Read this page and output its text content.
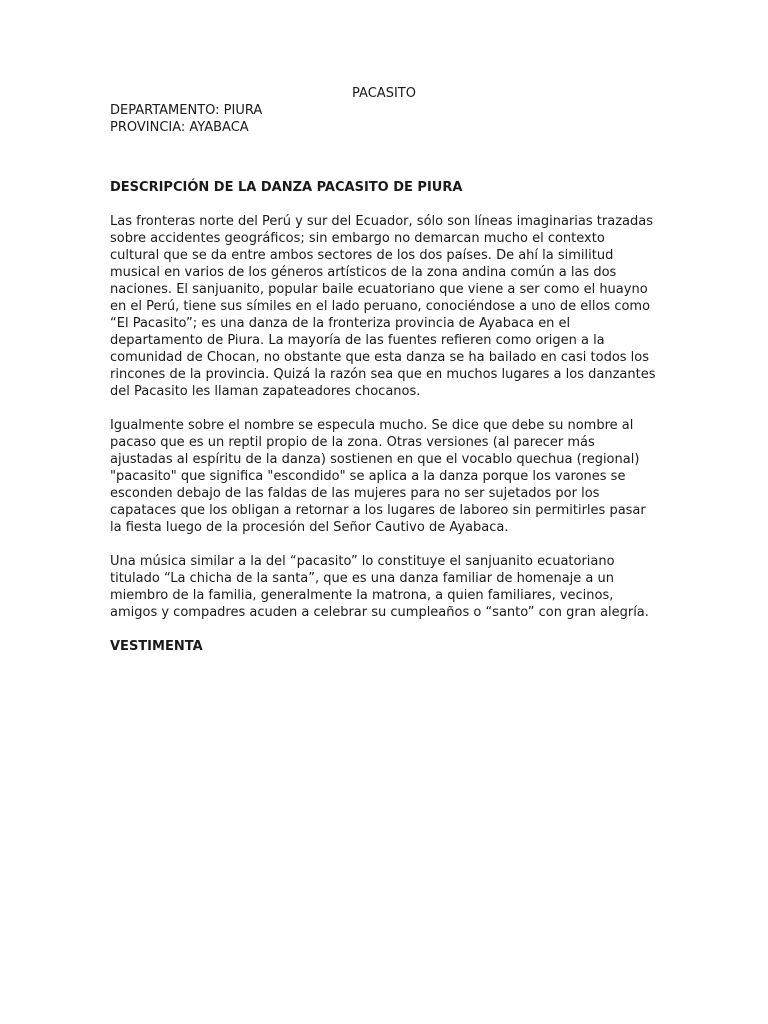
PACASITO

DEPARTAMENTO: PIURA

PROVINCIA: AYABACA

DESCRIPCIÓN DE LA DANZA PACASITO DE PIURA

Las fronteras norte del Perú y sur del Ecuador, sólo son líneas imaginarias trazadas sobre accidentes geográficos; sin embargo no demarcan mucho el contexto cultural que se da entre ambos sectores de los dos países. De ahí la similitud musical en varios de los géneros artísticos de la zona andina común a las dos naciones. El sanjuanito, popular baile ecuatoriano que viene a ser como el huayno en el Perú, tiene sus símiles en el lado peruano, conociéndose a uno de ellos como “El Pacasito”; es una danza de la fronteriza provincia de Ayabaca en el departamento de Piura. La mayoría de las fuentes refieren como origen a la comunidad de Chocan, no obstante que esta danza se ha bailado en casi todos los rincones de la provincia. Quizá la razón sea que en muchos lugares a los danzantes del Pacasito les llaman zapateadores chocanos.

Igualmente sobre el nombre se especula mucho. Se dice que debe su nombre al pacaso que es un reptil propio de la zona. Otras versiones (al parecer más ajustadas al espíritu de la danza) sostienen en que el vocablo quechua (regional) "pacasito" que significa "escondido" se aplica a la danza porque los varones se esconden debajo de las faldas de las mujeres para no ser sujetados por los capataces que los obligan a retornar a los lugares de laboreo sin permitirles pasar la fiesta luego de la procesión del Señor Cautivo de Ayabaca.

Una música similar a la del “pacasito” lo constituye el sanjuanito ecuatoriano titulado “La chicha de la santa”, que es una danza familiar de homenaje a un miembro de la familia, generalmente la matrona, a quien familiares, vecinos, amigos y compadres acuden a celebrar su cumpleaños o “santo” con gran alegría.

VESTIMENTA
